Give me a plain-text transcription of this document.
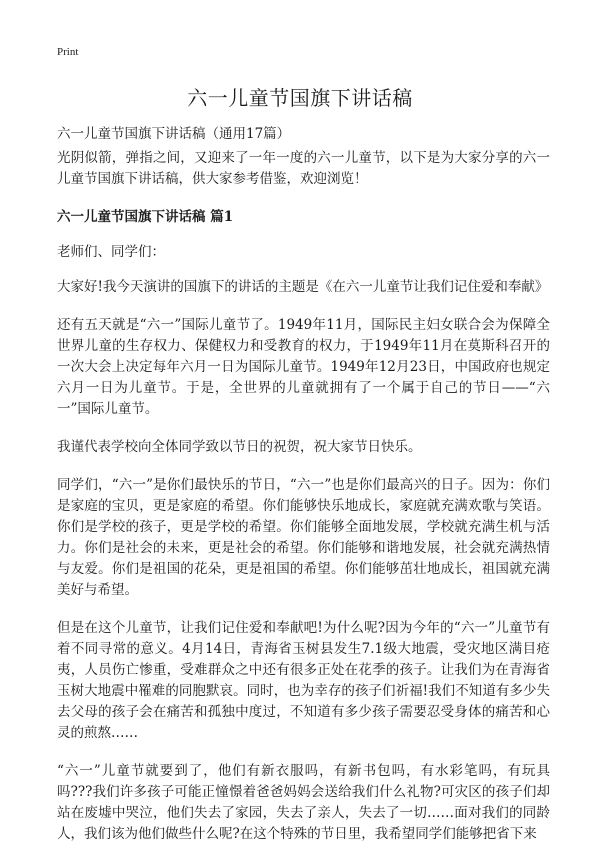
Print
六一儿童节国旗下讲话稿

六一儿童节国旗下讲话稿（通用17篇）

光阴似箭，弹指之间，又迎来了一年一度的六一儿童节，以下是为大家分享的六一儿童节国旗下讲话稿，供大家参考借鉴，欢迎浏览！

六一儿童节国旗下讲话稿 篇1

老师们、同学们：

大家好!我今天演讲的国旗下的讲话的主题是《在六一儿童节让我们记住爱和奉献》

还有五天就是“六一”国际儿童节了。1949年11月，国际民主妇女联合会为保障全世界儿童的生存权力、保健权力和受教育的权力，于1949年11月在莫斯科召开的一次大会上决定每年六月一日为国际儿童节。1949年12月23日，中国政府也规定六月一日为儿童节。于是，全世界的儿童就拥有了一个属于自己的节日——“六一”国际儿童节。

我谨代表学校向全体同学致以节日的祝贺，祝大家节日快乐。

同学们，“六一”是你们最快乐的节日，“六一”也是你们最高兴的日子。因为：你们是家庭的宝贝，更是家庭的希望。你们能够快乐地成长，家庭就充满欢歌与笑语。你们是学校的孩子，更是学校的希望。你们能够全面地发展，学校就充满生机与活力。你们是社会的未来，更是社会的希望。你们能够和谐地发展，社会就充满热情与友爱。你们是祖国的花朵，更是祖国的希望。你们能够茁壮地成长，祖国就充满美好与希望。

但是在这个儿童节，让我们记住爱和奉献吧!为什么呢?因为今年的“六一”儿童节有着不同寻常的意义。4月14日，青海省玉树县发生7.1级大地震，受灾地区满目疮夷，人员伤亡惨重，受难群众之中还有很多正处在花季的孩子。让我们为在青海省玉树大地震中罹难的同胞默哀。同时，也为幸存的孩子们祈福!我们不知道有多少失去父母的孩子会在痛苦和孤独中度过，不知道有多少孩子需要忍受身体的痛苦和心灵的煎熬……

“六一”儿童节就要到了，他们有新衣服吗，有新书包吗，有水彩笔吗，有玩具吗???我们许多孩子可能正憧憬着爸爸妈妈会送给我们什么礼物?可灾区的孩子们却站在废墟中哭泣，他们失去了家园，失去了亲人，失去了一切……面对我们的同龄人，我们该为他们做些什么呢?在这个特殊的节日里，我希望同学们能够把省下来
